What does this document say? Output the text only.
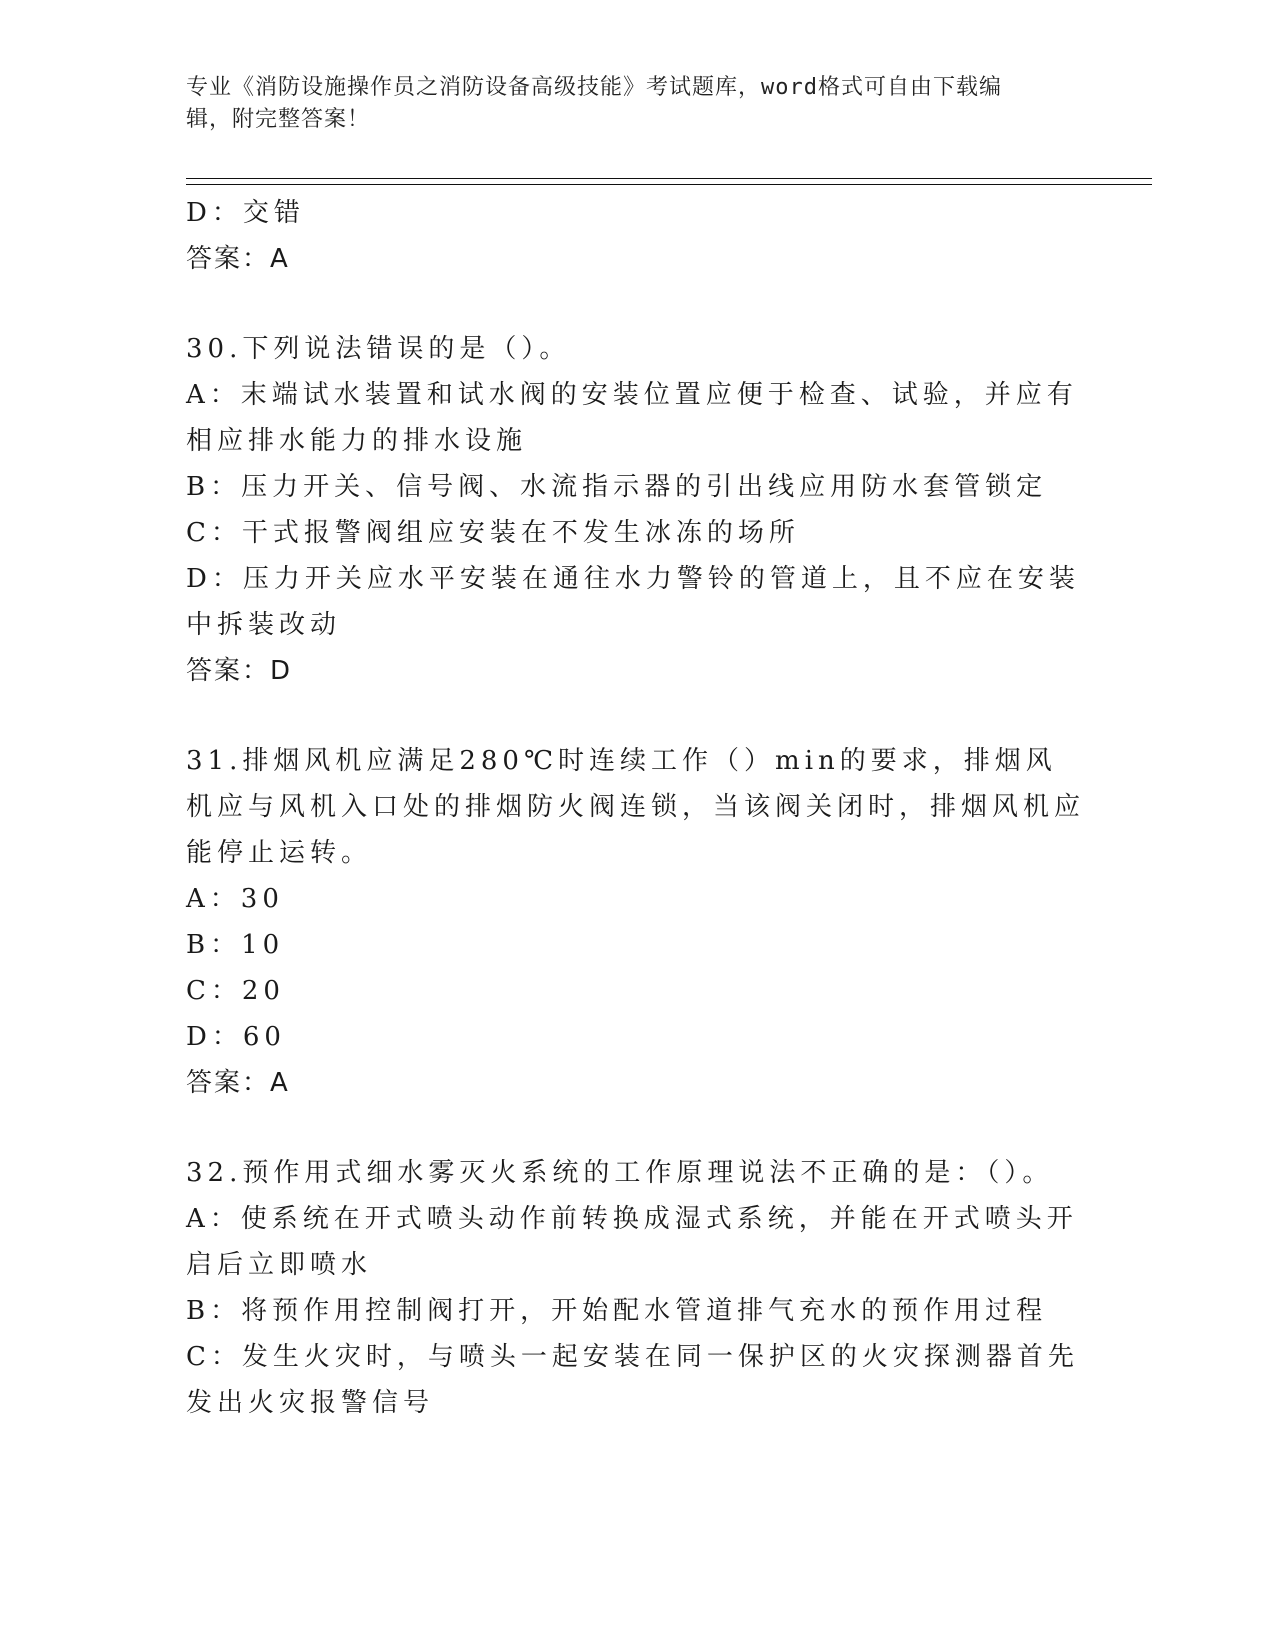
专业《消防设施操作员之消防设备高级技能》考试题库，word格式可自由下载编
辑，附完整答案！

D：交错

答案：A

30.下列说法错误的是（）。

A：末端试水装置和试水阀的安装位置应便于检查、试验，并应有相应排水能力的排水设施

B：压力开关、信号阀、水流指示器的引出线应用防水套管锁定

C：干式报警阀组应安装在不发生冰冻的场所

D：压力开关应水平安装在通往水力警铃的管道上，且不应在安装中拆装改动

答案：D

31.排烟风机应满足280℃时连续工作（）min的要求，排烟风机应与风机入口处的排烟防火阀连锁，当该阀关闭时，排烟风机应能停止运转。

A：30

B：10

C：20

D：60

答案：A

32.预作用式细水雾灭火系统的工作原理说法不正确的是：（）。

A：使系统在开式喷头动作前转换成湿式系统，并能在开式喷头开启后立即喷水

B：将预作用控制阀打开，开始配水管道排气充水的预作用过程

C：发生火灾时，与喷头一起安装在同一保护区的火灾探测器首先发出火灾报警信号
